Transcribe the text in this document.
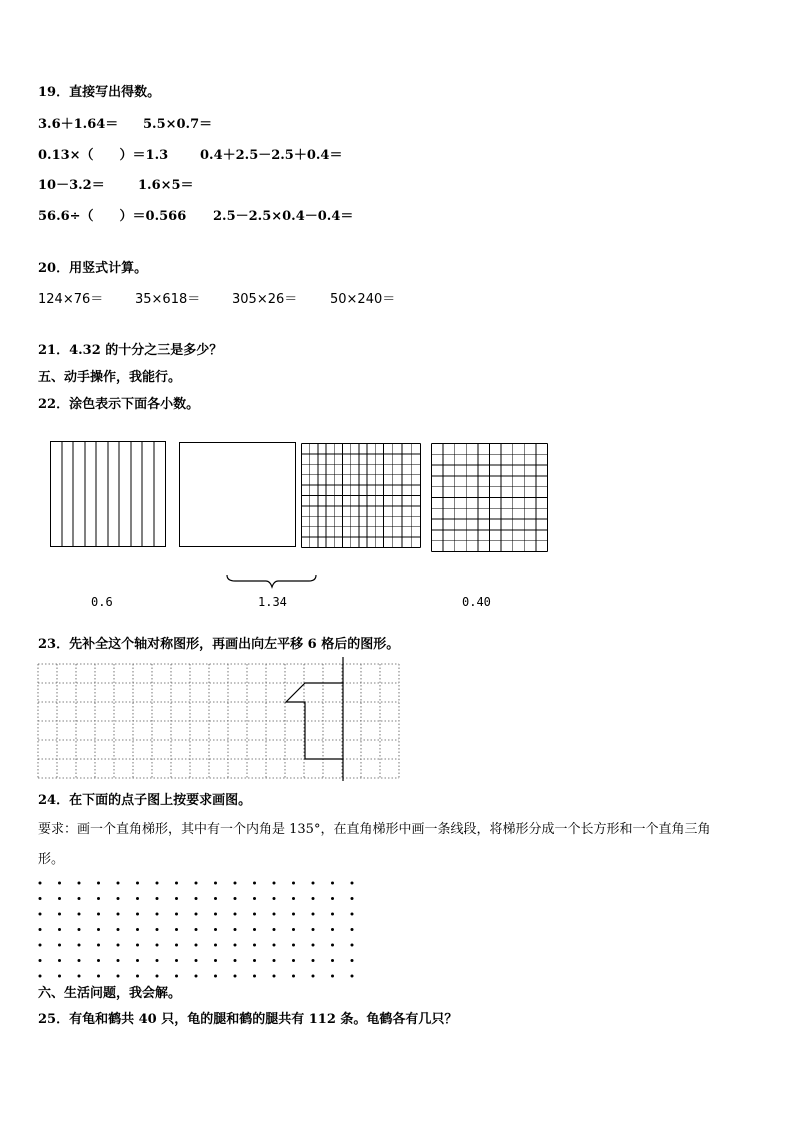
19．直接写出得数。
3.6＋1.64＝ 5.5×0.7＝
0.13×（　　）＝1.3 0.4＋2.5－2.5＋0.4＝
10－3.2＝	1.6×5＝
56.6÷（　　）＝0.566 2.5－2.5×0.4－0.4＝
20．用竖式计算。
124×76＝ 35×618＝ 305×26＝	50×240＝
21．4.32 的十分之三是多少？
五、动手操作，我能行。
22．涂色表示下面各小数。
0.6	1.34	0.40
23．先补全这个轴对称图形，再画出向左平移 6 格后的图形。
24．在下面的点子图上按要求画图。
要求：画一个直角梯形，其中有一个内角是 135°，在直角梯形中画一条线段，将梯形分成一个长方形和一个直角三角
形。
六、生活问题，我会解。
25．有龟和鹤共 40 只，龟的腿和鹤的腿共有 112 条。龟鹤各有几只？
